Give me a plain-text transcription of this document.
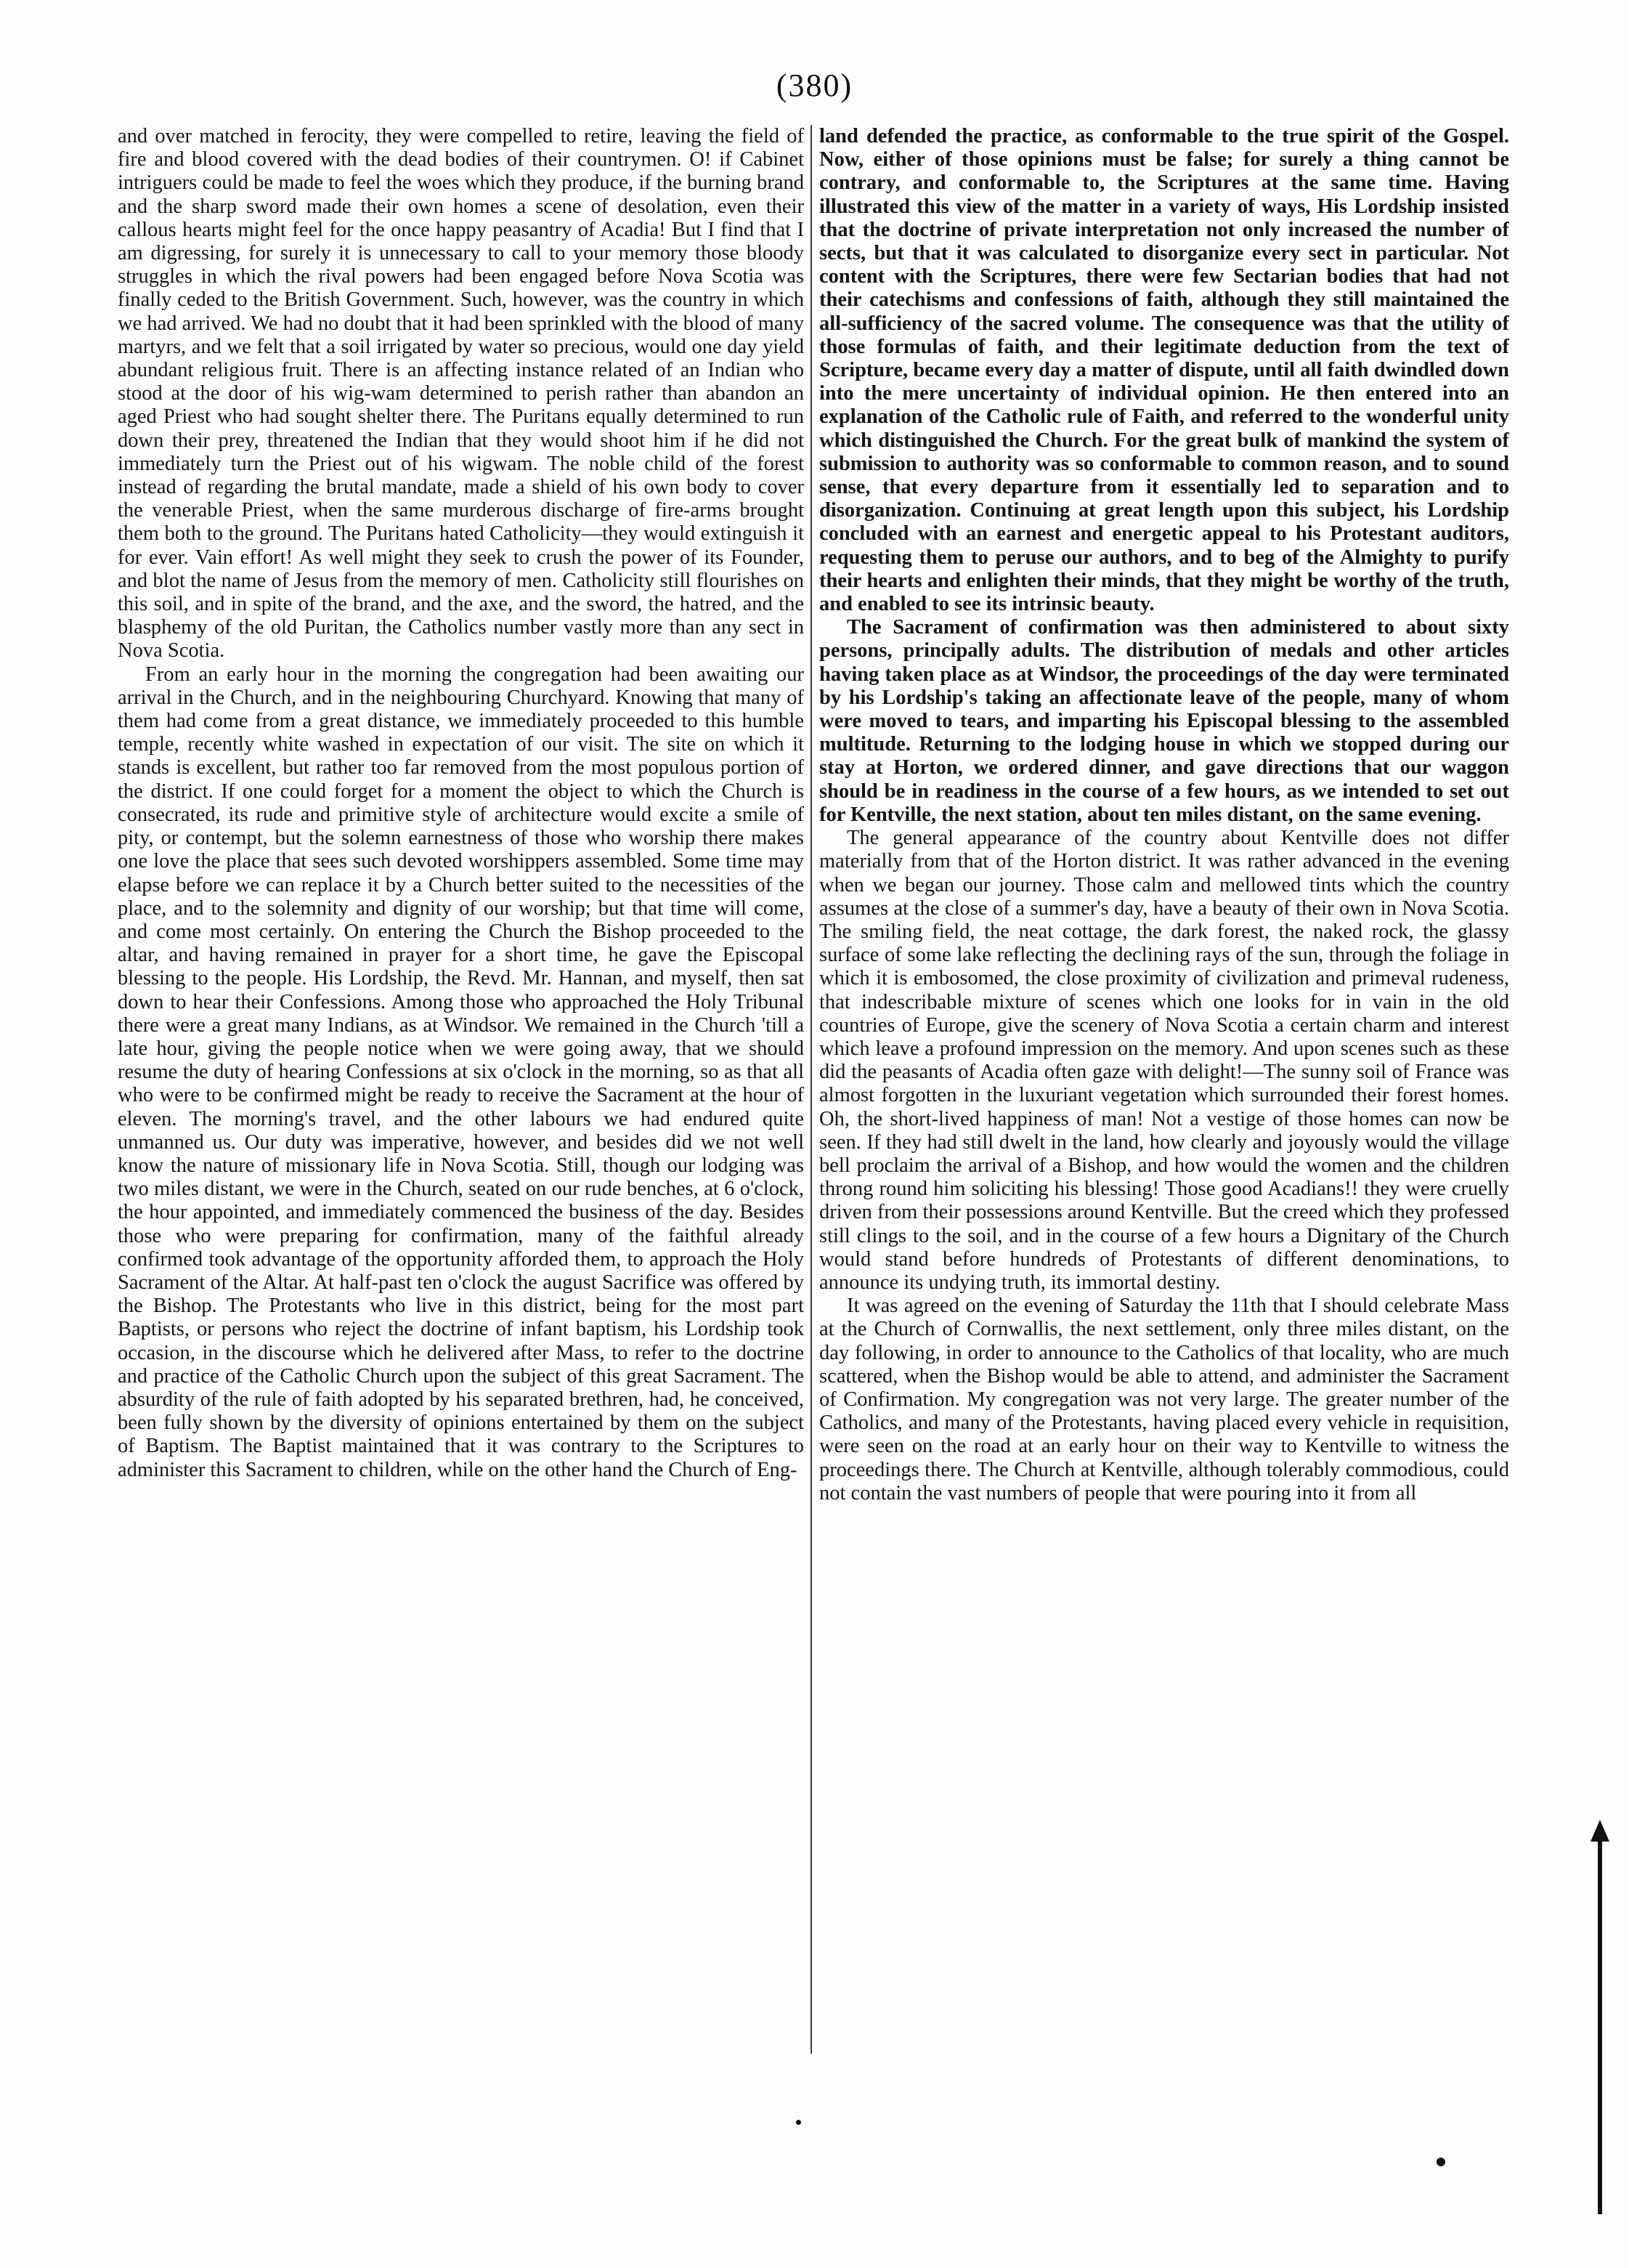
(380)

and over matched in ferocity, they were compelled to retire, leaving the field of fire and blood covered with the dead bodies of their countrymen. O! if Cabinet intriguers could be made to feel the woes which they produce, if the burning brand and the sharp sword made their own homes a scene of desolation, even their callous hearts might feel for the once happy peasantry of Acadia! But I find that I am digressing, for surely it is unnecessary to call to your memory those bloody struggles in which the rival powers had been engaged before Nova Scotia was finally ceded to the British Government. Such, however, was the country in which we had arrived. We had no doubt that it had been sprinkled with the blood of many martyrs, and we felt that a soil irrigated by water so precious, would one day yield abundant religious fruit. There is an affecting instance related of an Indian who stood at the door of his wig-wam determined to perish rather than abandon an aged Priest who had sought shelter there. The Puritans equally determined to run down their prey, threatened the Indian that they would shoot him if he did not immediately turn the Priest out of his wigwam. The noble child of the forest instead of regarding the brutal mandate, made a shield of his own body to cover the venerable Priest, when the same murderous discharge of fire-arms brought them both to the ground. The Puritans hated Catholicity—they would extinguish it for ever. Vain effort! As well might they seek to crush the power of its Founder, and blot the name of Jesus from the memory of men. Catholicity still flourishes on this soil, and in spite of the brand, and the axe, and the sword, the hatred, and the blasphemy of the old Puritan, the Catholics number vastly more than any sect in Nova Scotia.

From an early hour in the morning the congregation had been awaiting our arrival in the Church, and in the neighbouring Churchyard. Knowing that many of them had come from a great distance, we immediately proceeded to this humble temple, recently white washed in expectation of our visit. The site on which it stands is excellent, but rather too far removed from the most populous portion of the district. If one could forget for a moment the object to which the Church is consecrated, its rude and primitive style of architecture would excite a smile of pity, or contempt, but the solemn earnestness of those who worship there makes one love the place that sees such devoted worshippers assembled. Some time may elapse before we can replace it by a Church better suited to the necessities of the place, and to the solemnity and dignity of our worship; but that time will come, and come most certainly. On entering the Church the Bishop proceeded to the altar, and having remained in prayer for a short time, he gave the Episcopal blessing to the people. His Lordship, the Revd. Mr. Hannan, and myself, then sat down to hear their Confessions. Among those who approached the Holy Tribunal there were a great many Indians, as at Windsor. We remained in the Church 'till a late hour, giving the people notice when we were going away, that we should resume the duty of hearing Confessions at six o'clock in the morning, so as that all who were to be confirmed might be ready to receive the Sacrament at the hour of eleven. The morning's travel, and the other labours we had endured quite unmanned us. Our duty was imperative, however, and besides did we not well know the nature of missionary life in Nova Scotia. Still, though our lodging was two miles distant, we were in the Church, seated on our rude benches, at 6 o'clock, the hour appointed, and immediately commenced the business of the day. Besides those who were preparing for confirmation, many of the faithful already confirmed took advantage of the opportunity afforded them, to approach the Holy Sacrament of the Altar. At half-past ten o'clock the august Sacrifice was offered by the Bishop. The Protestants who live in this district, being for the most part Baptists, or persons who reject the doctrine of infant baptism, his Lordship took occasion, in the discourse which he delivered after Mass, to refer to the doctrine and practice of the Catholic Church upon the subject of this great Sacrament. The absurdity of the rule of faith adopted by his separated brethren, had, he conceived, been fully shown by the diversity of opinions entertained by them on the subject of Baptism. The Baptist maintained that it was contrary to the Scriptures to administer this Sacrament to children, while on the other hand the Church of Eng-

land defended the practice, as conformable to the true spirit of the Gospel. Now, either of those opinions must be false; for surely a thing cannot be contrary, and conformable to, the Scriptures at the same time. Having illustrated this view of the matter in a variety of ways, His Lordship insisted that the doctrine of private interpretation not only increased the number of sects, but that it was calculated to disorganize every sect in particular. Not content with the Scriptures, there were few Sectarian bodies that had not their catechisms and confessions of faith, although they still maintained the all-sufficiency of the sacred volume. The consequence was that the utility of those formulas of faith, and their legitimate deduction from the text of Scripture, became every day a matter of dispute, until all faith dwindled down into the mere uncertainty of individual opinion. He then entered into an explanation of the Catholic rule of Faith, and referred to the wonderful unity which distinguished the Church. For the great bulk of mankind the system of submission to authority was so conformable to common reason, and to sound sense, that every departure from it essentially led to separation and to disorganization. Continuing at great length upon this subject, his Lordship concluded with an earnest and energetic appeal to his Protestant auditors, requesting them to peruse our authors, and to beg of the Almighty to purify their hearts and enlighten their minds, that they might be worthy of the truth, and enabled to see its intrinsic beauty.

The Sacrament of confirmation was then administered to about sixty persons, principally adults. The distribution of medals and other articles having taken place as at Windsor, the proceedings of the day were terminated by his Lordship's taking an affectionate leave of the people, many of whom were moved to tears, and imparting his Episcopal blessing to the assembled multitude. Returning to the lodging house in which we stopped during our stay at Horton, we ordered dinner, and gave directions that our waggon should be in readiness in the course of a few hours, as we intended to set out for Kentville, the next station, about ten miles distant, on the same evening.

The general appearance of the country about Kentville does not differ materially from that of the Horton district. It was rather advanced in the evening when we began our journey. Those calm and mellowed tints which the country assumes at the close of a summer's day, have a beauty of their own in Nova Scotia. The smiling field, the neat cottage, the dark forest, the naked rock, the glassy surface of some lake reflecting the declining rays of the sun, through the foliage in which it is embosomed, the close proximity of civilization and primeval rudeness, that indescribable mixture of scenes which one looks for in vain in the old countries of Europe, give the scenery of Nova Scotia a certain charm and interest which leave a profound impression on the memory. And upon scenes such as these did the peasants of Acadia often gaze with delight!—The sunny soil of France was almost forgotten in the luxuriant vegetation which surrounded their forest homes. Oh, the short-lived happiness of man! Not a vestige of those homes can now be seen. If they had still dwelt in the land, how clearly and joyously would the village bell proclaim the arrival of a Bishop, and how would the women and the children throng round him soliciting his blessing! Those good Acadians!! they were cruelly driven from their possessions around Kentville. But the creed which they professed still clings to the soil, and in the course of a few hours a Dignitary of the Church would stand before hundreds of Protestants of different denominations, to announce its undying truth, its immortal destiny.

It was agreed on the evening of Saturday the 11th that I should celebrate Mass at the Church of Cornwallis, the next settlement, only three miles distant, on the day following, in order to announce to the Catholics of that locality, who are much scattered, when the Bishop would be able to attend, and administer the Sacrament of Confirmation. My congregation was not very large. The greater number of the Catholics, and many of the Protestants, having placed every vehicle in requisition, were seen on the road at an early hour on their way to Kentville to witness the proceedings there. The Church at Kentville, although tolerably commodious, could not contain the vast numbers of people that were pouring into it from all
